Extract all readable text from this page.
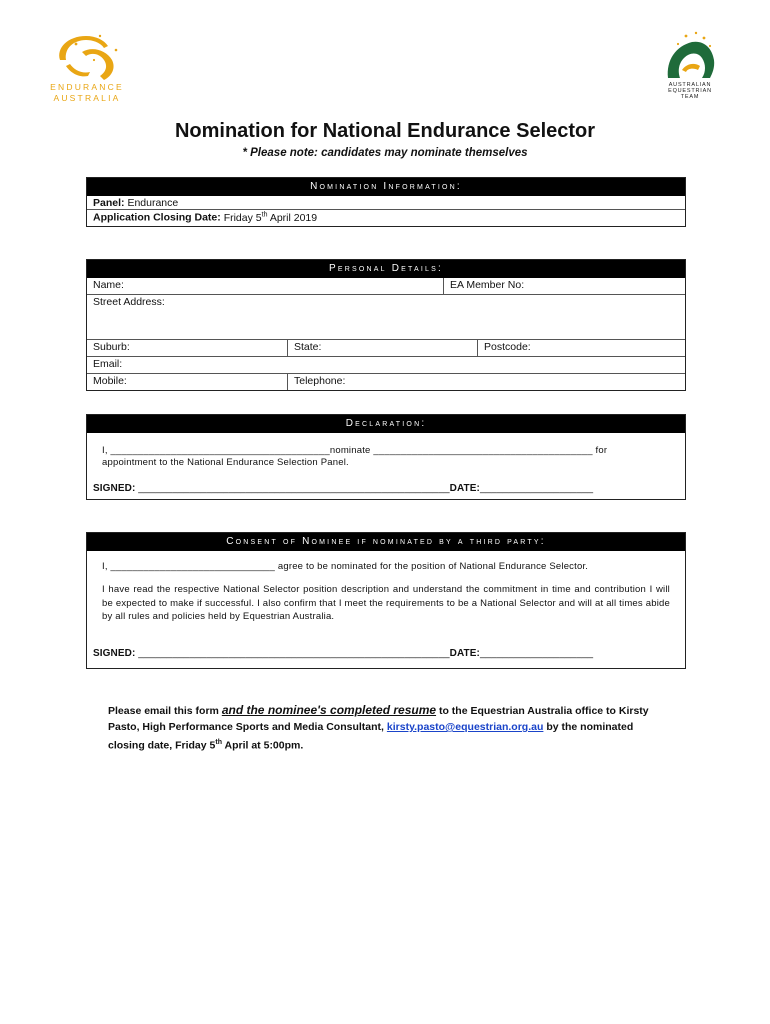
ENDURANCE
AUSTRALIA
AUSTRALIAN
EQUESTRIAN
TEAM
Nomination for National Endurance Selector
* Please note: candidates may nominate themselves
Nomination Information:
Panel: Endurance
Application Closing Date: Friday 5th April 2019
Personal Details:
Name:	EA Member No:
Street Address:
Suburb:	State:	Postcode:
Email:
Mobile:	Telephone:
Declaration:
I, ________________________________________nominate ________________________________________ for
appointment to the National Endurance Selection Panel.
SIGNED: _______________________________________________________DATE:____________________
Consent of Nominee if nominated by a third party:
I, ______________________________ agree to be nominated for the position of National Endurance Selector.
I have read the respective National Selector position description and understand the commitment in time and contribution I will be expected to make if successful. I also confirm that I meet the requirements to be a National Selector and will at all times abide by all rules and policies held by Equestrian Australia.
SIGNED: _______________________________________________________DATE:____________________
Please email this form and the nominee's completed resume to the Equestrian Australia office to Kirsty Pasto, High Performance Sports and Media Consultant, kirsty.pasto@equestrian.org.au by the nominated closing date, Friday 5th April at 5:00pm.
